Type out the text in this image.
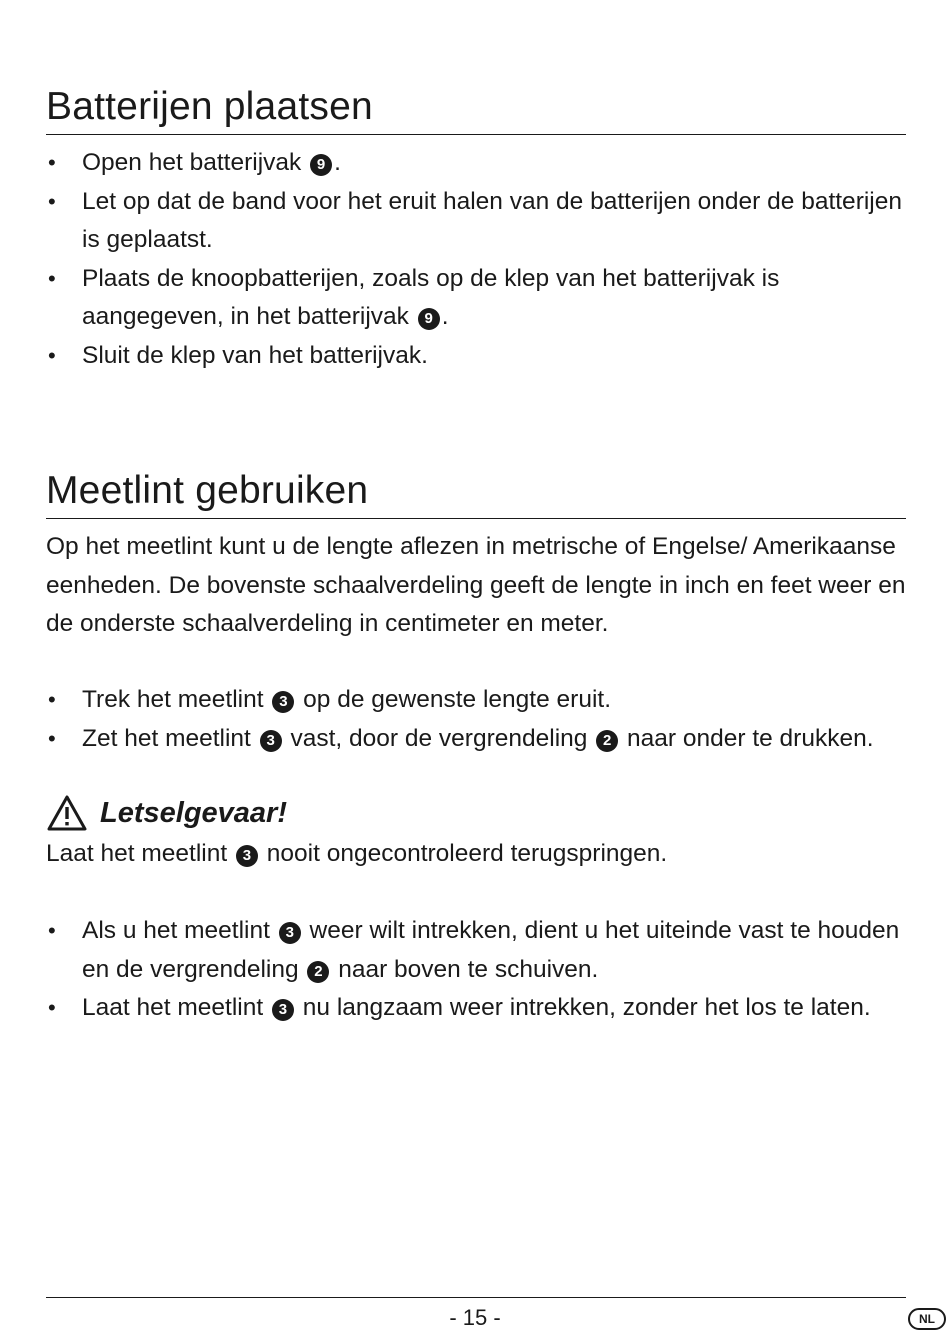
Batterijen plaatsen
• Open het batterijvak 9 .
• Let op dat de band voor het eruit halen van de batterijen onder de batterijen is geplaatst.
• Plaats de knoopbatterijen, zoals op de klep van het batterijvak is aangegeven, in het batterijvak 9 .
• Sluit de klep van het batterijvak.
Meetlint gebruiken

Op het meetlint kunt u de lengte aflezen in metrische of Engelse/ Amerikaanse eenheden. De bovenste schaalverdeling geeft de lengte in inch en feet weer en de onderste schaalverdeling in centimeter en meter.

• Trek het meetlint 3 op de gewenste lengte eruit.
• Zet het meetlint 3 vast, door de vergrendeling 2 naar onder te drukken.
Letselgevaar!

Laat het meetlint 3 nooit ongecontroleerd terugspringen.

• Als u het meetlint 3 weer wilt intrekken, dient u het uiteinde vast te houden en de vergrendeling 2 naar boven te schuiven.
• Laat het meetlint 3 nu langzaam weer intrekken, zonder het los te laten.
- 15 -	NL
